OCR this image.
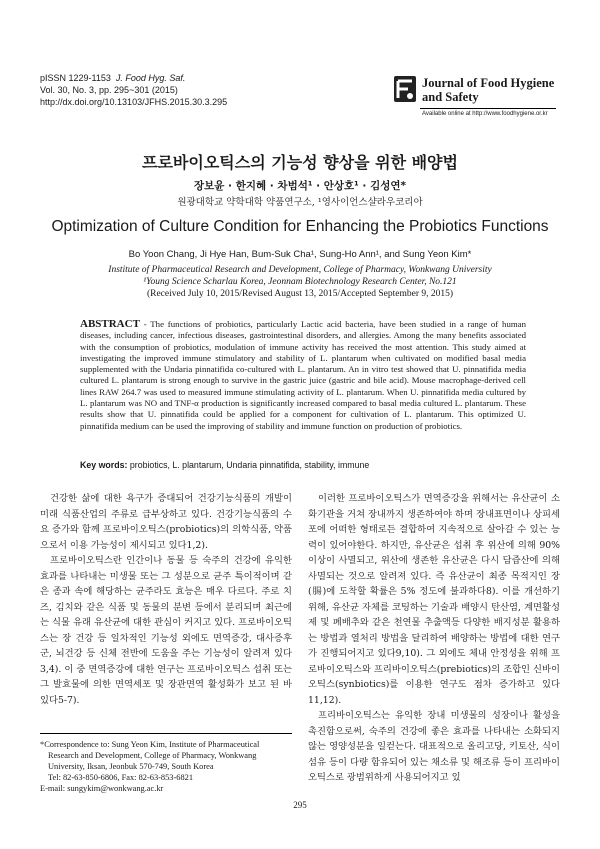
pISSN 1229-1153 J. Food Hyg. Saf.
Vol. 30, No. 3, pp. 295~301 (2015)
http://dx.doi.org/10.13103/JFHS.2015.30.3.295
Journal of Food Hygiene
and Safety
Available online at http://www.foodhygiene.or.kr
프로바이오틱스의 기능성 향상을 위한 배양법
장보윤 · 한지혜 · 차범석¹ · 안상호¹ · 김성연*
원광대학교 약학대학 약품연구소, ¹영사이언스샬라우코리아
Optimization of Culture Condition for Enhancing the Probiotics Functions
Bo Yoon Chang, Ji Hye Han, Bum-Suk Cha¹, Sung-Ho Ann¹, and Sung Yeon Kim*
Institute of Pharmaceutical Research and Development, College of Pharmacy, Wonkwang University
¹Young Science Scharlau Korea, Jeonnam Biotechnology Research Center, No.121
(Received July 10, 2015/Revised August 13, 2015/Accepted September 9, 2015)
ABSTRACT - The functions of probiotics, particularly Lactic acid bacteria, have been studied in a range of human diseases, including cancer, infectious diseases, gastrointestinal disorders, and allergies. Among the many benefits associated with the consumption of probiotics, modulation of immune activity has received the most attention. This study aimed at investigating the improved immune stimulatory and stability of L. plantarum when cultivated on modified basal media supplemented with the Undaria pinnatifida co-cultured with L. plantarum. An in vitro test showed that U. pinnatifida media cultured L. plantarum is strong enough to survive in the gastric juice (gastric and bile acid). Mouse macrophage-derived cell lines RAW 264.7 was used to measured immune stimulating activity of L. plantarum. When U. pinnatifida media cultured by L. plantarum was NO and TNF-α production is significantly increased compared to basal media cultured L. plantarum. These results show that U. pinnatifida could be applied for a component for cultivation of L. plantarum. This optimized U. pinnatifida medium can be used the improving of stability and immune function on production of probiotics.
Key words: probiotics, L. plantarum, Undaria pinnatifida, stability, immune

건강한 삶에 대한 욕구가 증대되어 건강기능식품의 개발이 미래 식품산업의 주류로 급부상하고 있다. 건강기능식품의 수요 증가와 함께 프로바이오틱스(probiotics)의 의학식품, 약품으로서 이용 가능성이 제시되고 있다1,2).

프로바이오틱스란 인간이나 동물 등 숙주의 건강에 유익한 효과를 나타내는 미생물 또는 그 성분으로 균주 특이적이며 같은 종과 속에 해당하는 균주라도 효능은 매우 다르다. 주로 치즈, 김치와 같은 식품 및 동물의 분변 등에서 분리되며 최근에는 식물 유래 유산균에 대한 관심이 커지고 있다. 프로바이오틱스는 장 건강 등 일차적인 기능성 외에도 면역증강, 대사증후군, 뇌건강 등 신체 전반에 도움을 주는 기능성이 알려져 있다3,4). 이 중 면역증강에 대한 연구는 프로바이오틱스 섭취 또는 그 발효물에 의한 면역세포 및 장관면역 활성화가 보고 된 바 있다5-7).

이러한 프로바이오틱스가 면역증강을 위해서는 유산균이 소화기관을 거쳐 장내까지 생존하여야 하며 장내표면이나 상피세포에 어떠한 형태로든 결합하여 지속적으로 살아갈 수 있는 능력이 있어야한다. 하지만, 유산균은 섭취 후 위산에 의해 90% 이상이 사멸되고, 위산에 생존한 유산균은 다시 담즙산에 의해 사멸되는 것으로 알려져 있다. 즉 유산균이 최종 목적지인 장(腸)에 도착할 확률은 5% 정도에 불과하다8). 이를 개선하기 위해, 유산균 자체를 코팅하는 기술과 배양시 탄산염, 계면활성제 및 폐배추와 같은 천연물 추출액등 다양한 배지성분 활용하는 방법과 열처리 방법을 달리하여 배양하는 방법에 대한 연구가 진행되어지고 있다9,10). 그 외에도 체내 안정성을 위해 프로바이오틱스와 프리바이오틱스(prebiotics)의 조합인 신바이오틱스(synbiotics)를 이용한 연구도 점차 증가하고 있다11,12).

프리바이오틱스는 유익한 장내 미생물의 성장이나 활성을 촉진함으로써, 숙주의 건강에 좋은 효과를 나타내는 소화되지 않는 영양성분을 일컫는다. 대표적으로 올리고당, 키토산, 식이섬유 등이 다량 함유되어 있는 채소류 및 해조류 등이 프리바이오틱스로 광범위하게 사용되어지고 있

*Correspondence to: Sung Yeon Kim, Institute of Pharmaceutical
Research and Development, College of Pharmacy, Wonkwang
University, Iksan, Jeonbuk 570-749, South Korea
Tel: 82-63-850-6806, Fax: 82-63-853-6821
E-mail: sungykim@wonkwang.ac.kr
295
